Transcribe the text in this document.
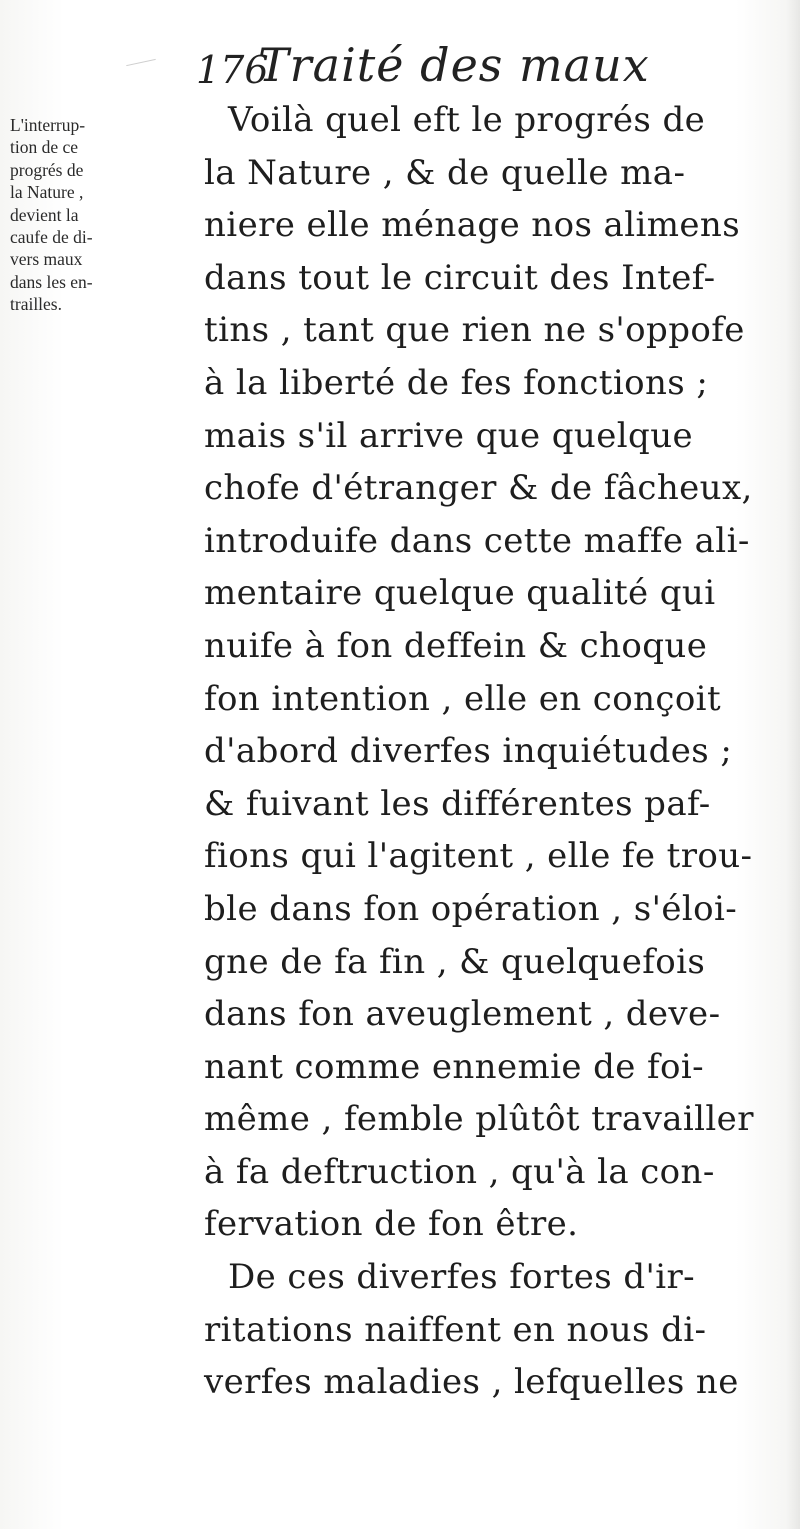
176
Traité des maux
L'interrup-
tion de ce
progrés de
la Nature ,
devient la
caufe de di-
vers maux
dans les en-
trailles.
Voilà quel eft le progrés de
la Nature , & de quelle ma-
niere elle ménage nos alimens
dans tout le circuit des Intef-
tins , tant que rien ne s'oppofe
à la liberté de fes fonctions ;
mais s'il arrive que quelque
chofe d'étranger & de fâcheux,
introduife dans cette maffe ali-
mentaire quelque qualité qui
nuife à fon deffein & choque
fon intention , elle en conçoit
d'abord diverfes inquiétudes ;
& fuivant les différentes paf-
fions qui l'agitent , elle fe trou-
ble dans fon opération , s'éloi-
gne de fa fin , & quelquefois
dans fon aveuglement , deve-
nant comme ennemie de foi-
même , femble plûtôt travailler
à fa deftruction , qu'à la con-
fervation de fon être.
De ces diverfes fortes d'ir-
ritations naiffent en nous di-
verfes maladies , lefquelles ne
